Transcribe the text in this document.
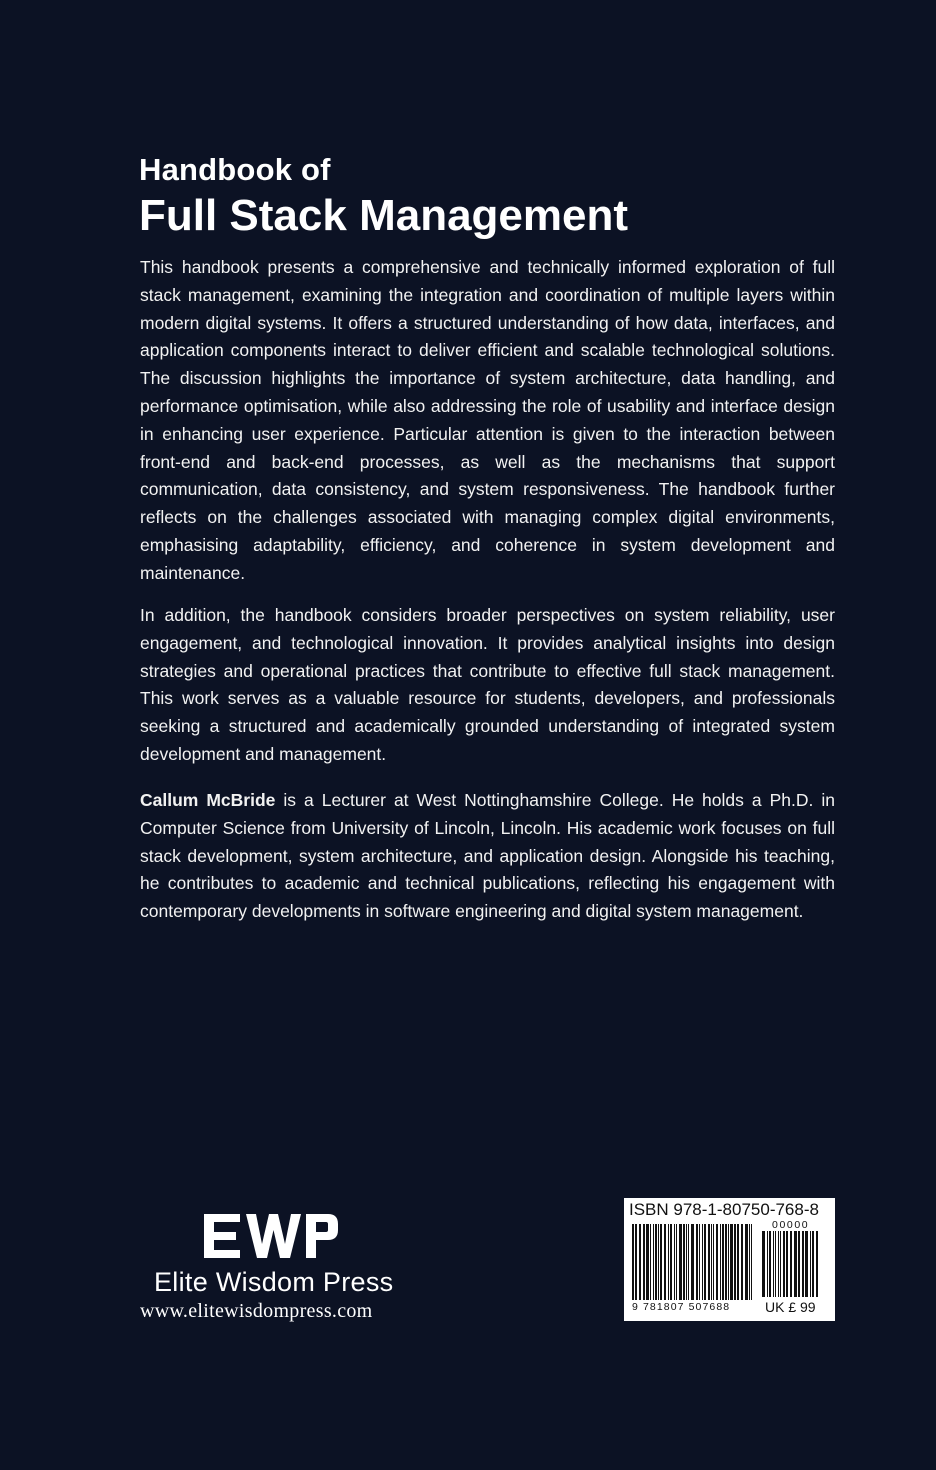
Handbook of
Full Stack Management

This handbook presents a comprehensive and technically informed exploration of full stack management, examining the integration and coordination of multiple layers within modern digital systems. It offers a structured understanding of how data, interfaces, and application components interact to deliver efficient and scalable technological solutions. The discussion highlights the importance of system architecture, data handling, and performance optimisation, while also addressing the role of usability and interface design in enhancing user experience. Particular attention is given to the interaction between front-end and back-end processes, as well as the mechanisms that support communication, data consistency, and system responsiveness. The handbook further reflects on the challenges associated with managing complex digital environments, emphasising adaptability, efficiency, and coherence in system development and maintenance.

In addition, the handbook considers broader perspectives on system reliability, user engagement, and technological innovation. It provides analytical insights into design strategies and operational practices that contribute to effective full stack management. This work serves as a valuable resource for students, developers, and professionals seeking a structured and academically grounded understanding of integrated system development and management.

Callum McBride is a Lecturer at West Nottinghamshire College. He holds a Ph.D. in Computer Science from University of Lincoln, Lincoln. His academic work focuses on full stack development, system architecture, and application design. Alongside his teaching, he contributes to academic and technical publications, reflecting his engagement with contemporary developments in software engineering and digital system management.

Elite Wisdom Press
www.elitewisdompress.com
ISBN 978-1-80750-768-8
00000
9 781807 507688 UK £ 99
